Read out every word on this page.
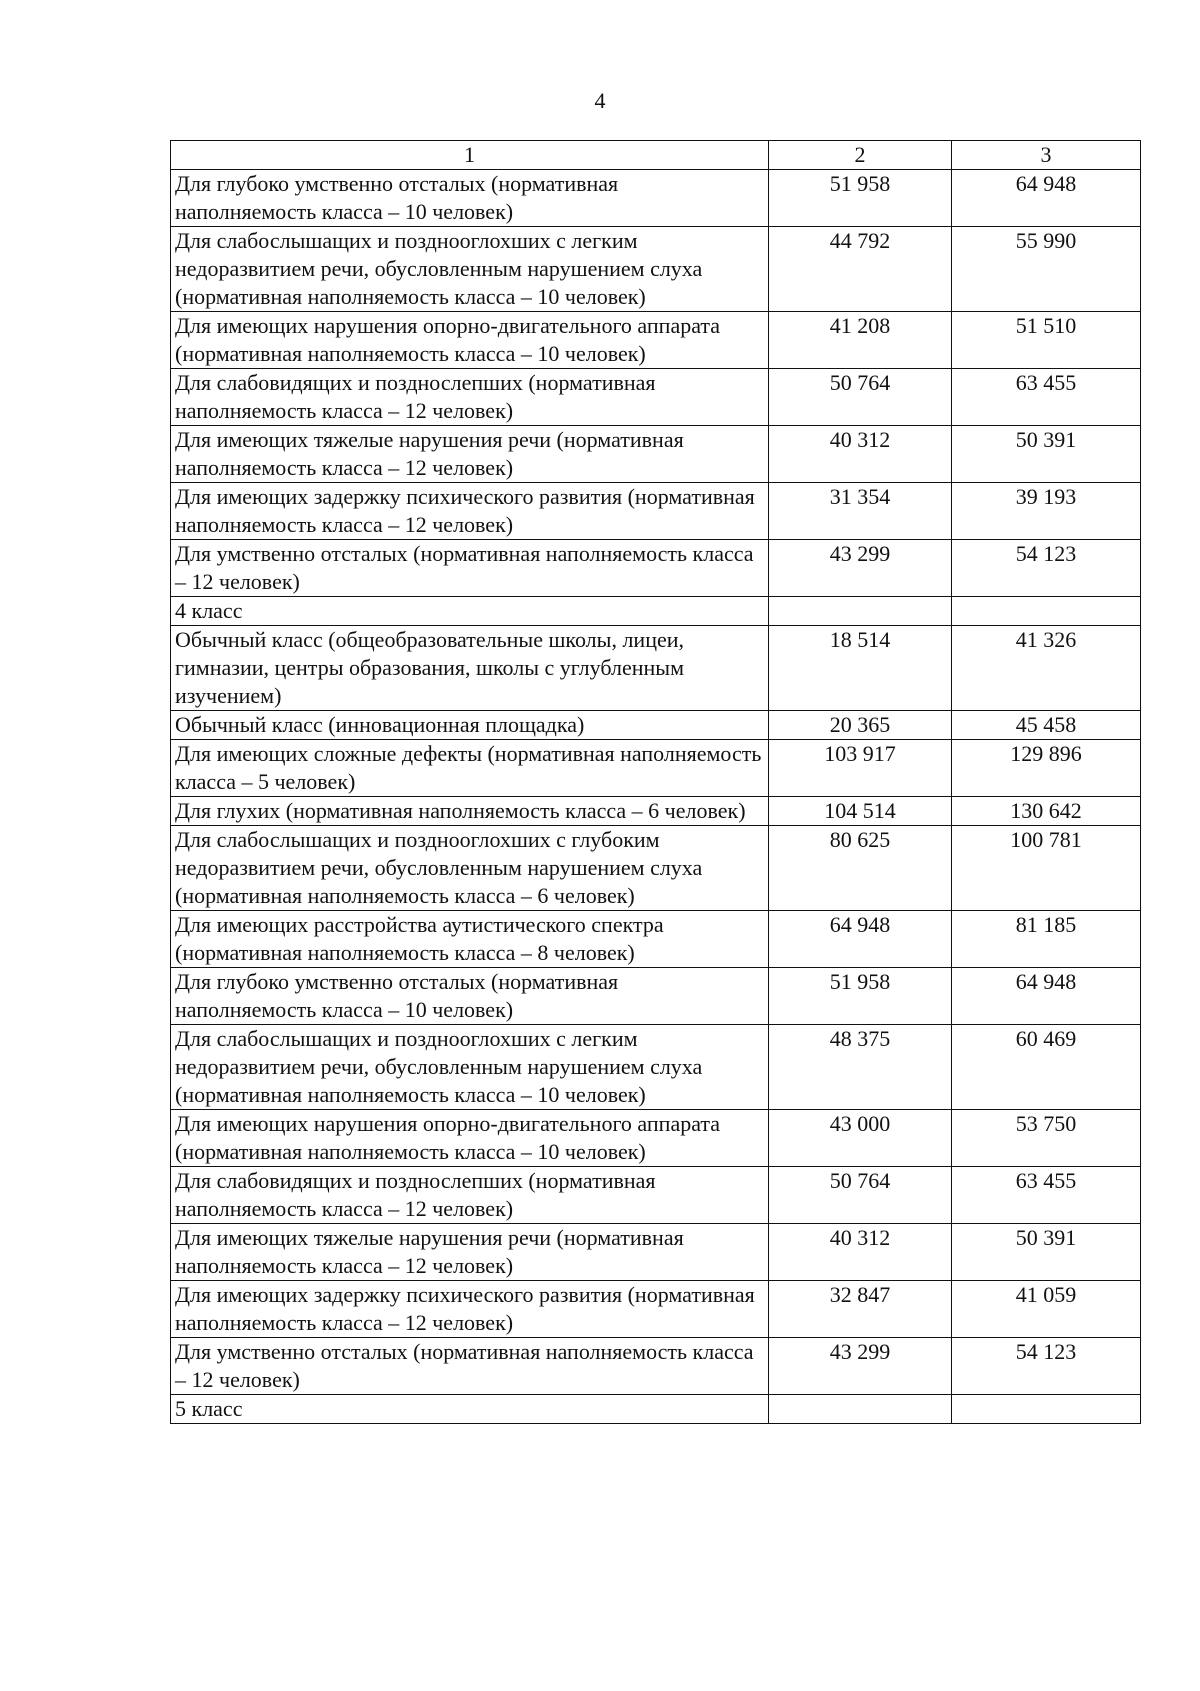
4
1	2	3
Для глубоко умственно отсталых (нормативная наполняемость класса – 10 человек)	51 958	64 948
Для слабослышащих и позднооглохших с легким недоразвитием речи, обусловленным нарушением слуха (нормативная наполняемость класса – 10 человек)	44 792	55 990
Для имеющих нарушения опорно-двигательного аппарата (нормативная наполняемость класса – 10 человек)	41 208	51 510
Для слабовидящих и позднослепших (нормативная наполняемость класса – 12 человек)	50 764	63 455
Для имеющих тяжелые нарушения речи (нормативная наполняемость класса – 12 человек)	40 312	50 391
Для имеющих задержку психического развития (нормативная наполняемость класса – 12 человек)	31 354	39 193
Для умственно отсталых (нормативная наполняемость класса – 12 человек)	43 299	54 123
4 класс		
Обычный класс (общеобразовательные школы, лицеи, гимназии, центры образования, школы с углубленным изучением)	18 514	41 326
Обычный класс (инновационная площадка)	20 365	45 458
Для имеющих сложные дефекты (нормативная наполняемость класса – 5 человек)	103 917	129 896
Для глухих (нормативная наполняемость класса – 6 человек)	104 514	130 642
Для слабослышащих и позднооглохших с глубоким недоразвитием речи, обусловленным нарушением слуха (нормативная наполняемость класса – 6 человек)	80 625	100 781
Для имеющих расстройства аутистического спектра (нормативная наполняемость класса – 8 человек)	64 948	81 185
Для глубоко умственно отсталых (нормативная наполняемость класса – 10 человек)	51 958	64 948
Для слабослышащих и позднооглохших с легким недоразвитием речи, обусловленным нарушением слуха (нормативная наполняемость класса – 10 человек)	48 375	60 469
Для имеющих нарушения опорно-двигательного аппарата (нормативная наполняемость класса – 10 человек)	43 000	53 750
Для слабовидящих и позднослепших (нормативная наполняемость класса – 12 человек)	50 764	63 455
Для имеющих тяжелые нарушения речи (нормативная наполняемость класса – 12 человек)	40 312	50 391
Для имеющих задержку психического развития (нормативная наполняемость класса – 12 человек)	32 847	41 059
Для умственно отсталых (нормативная наполняемость класса – 12 человек)	43 299	54 123
5 класс		
